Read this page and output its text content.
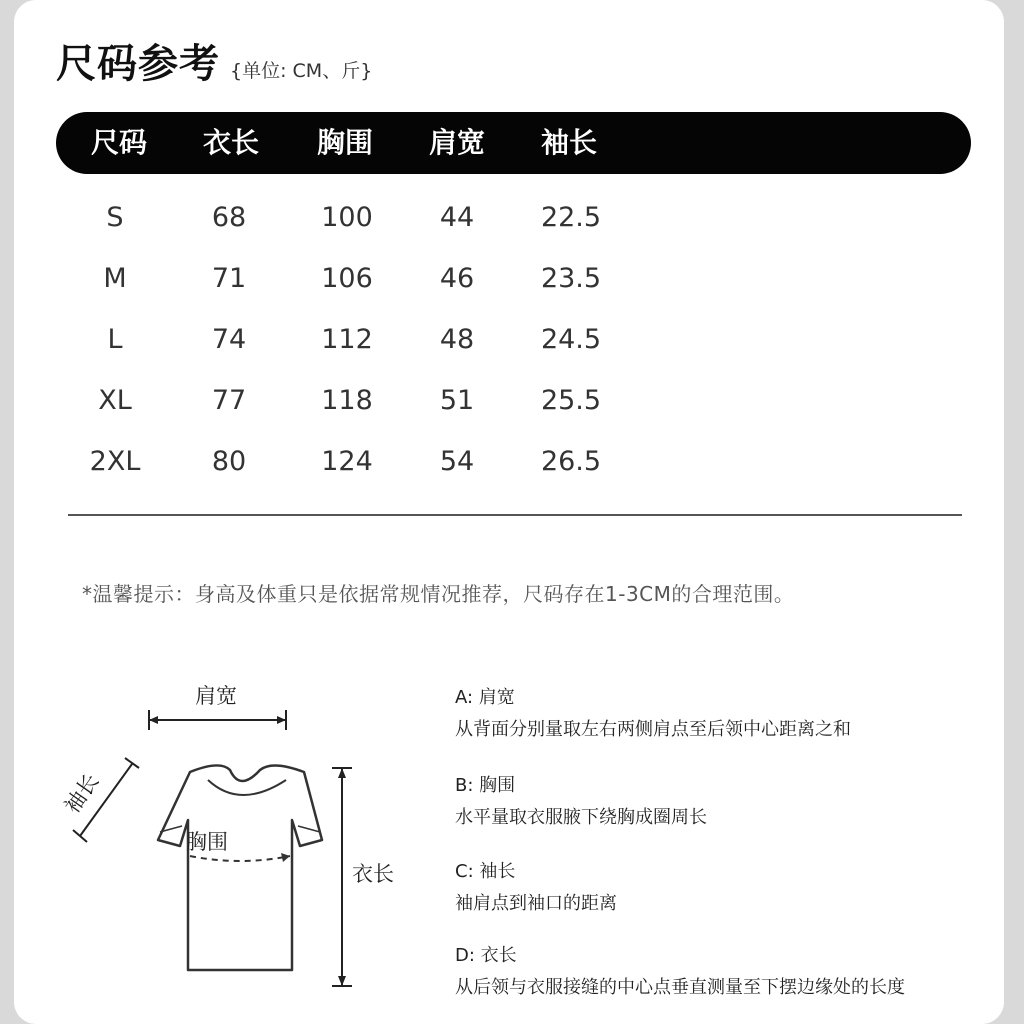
尺码参考 {单位: CM、斤}
尺码	衣长	胸围	肩宽	袖长
S	68	100	44	22.5
M	71	106	46	23.5
L	74	112	48	24.5
XL	77	118	51	25.5
2XL	80	124	54	26.5
*温馨提示：身高及体重只是依据常规情况推荐，尺码存在1-3CM的合理范围。
肩宽
袖长
胸围
衣长
A: 肩宽
从背面分别量取左右两侧肩点至后领中心距离之和
B: 胸围
水平量取衣服腋下绕胸成圈周长
C: 袖长
袖肩点到袖口的距离
D: 衣长
从后领与衣服接缝的中心点垂直测量至下摆边缘处的长度
